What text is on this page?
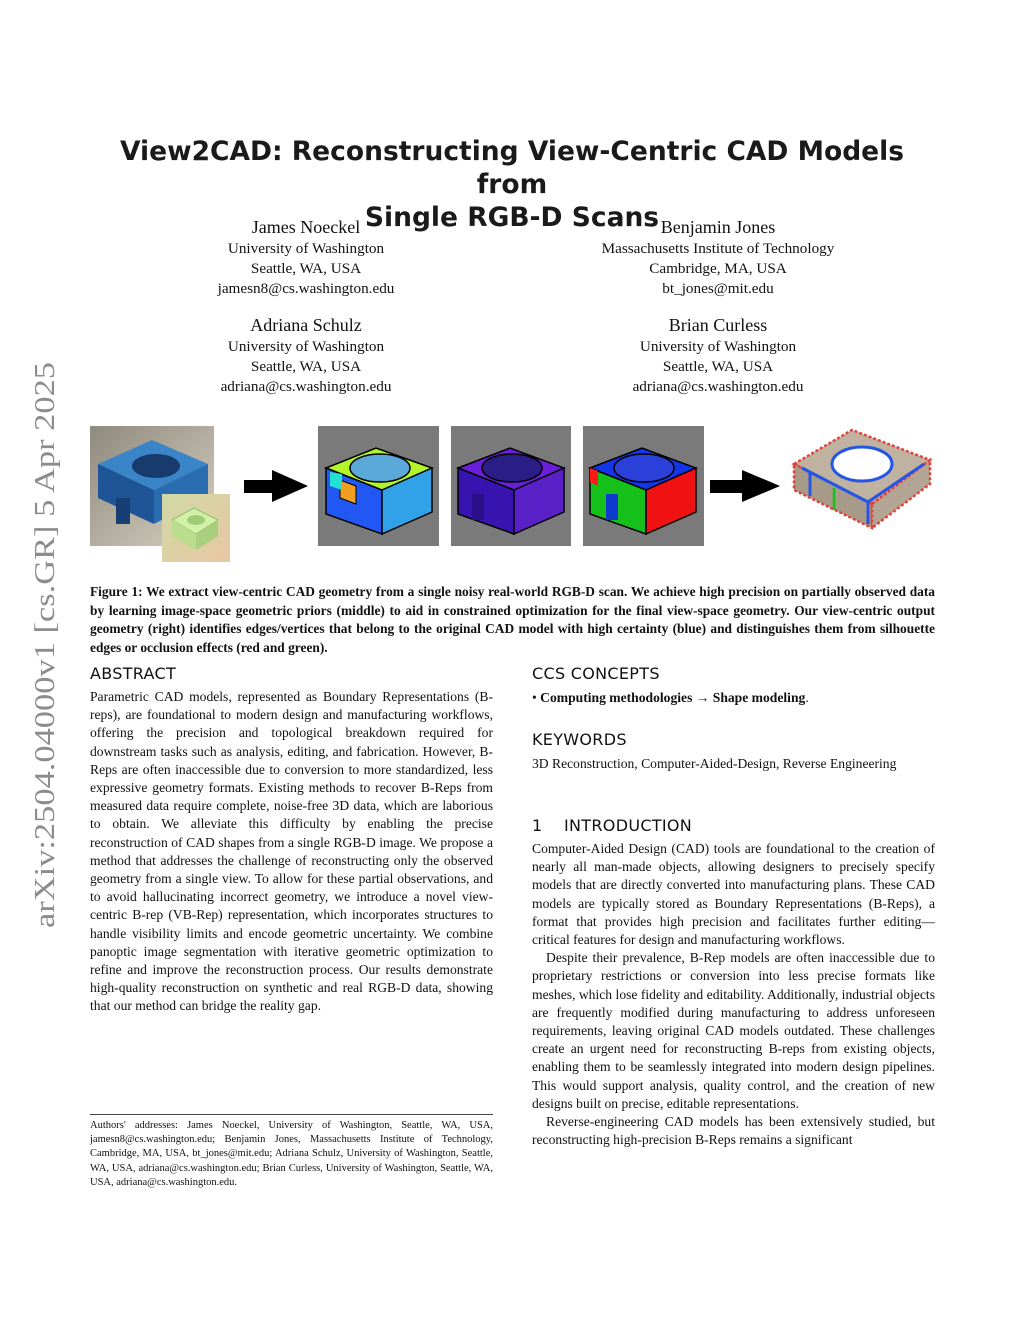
arXiv:2504.04000v1 [cs.GR] 5 Apr 2025
View2CAD: Reconstructing View-Centric CAD Models from
Single RGB-D Scans
James Noeckel
University of Washington
Seattle, WA, USA
jamesn8@cs.washington.edu
Benjamin Jones
Massachusetts Institute of Technology
Cambridge, MA, USA
bt_jones@mit.edu
Adriana Schulz
University of Washington
Seattle, WA, USA
adriana@cs.washington.edu
Brian Curless
University of Washington
Seattle, WA, USA
adriana@cs.washington.edu
Figure 1: We extract view-centric CAD geometry from a single noisy real-world RGB-D scan. We achieve high precision on partially observed data by learning image-space geometric priors (middle) to aid in constrained optimization for the final view-space geometry. Our view-centric output geometry (right) identifies edges/vertices that belong to the original CAD model with high certainty (blue) and distinguishes them from silhouette edges or occlusion effects (red and green).
ABSTRACT

Parametric CAD models, represented as Boundary Representations (B-reps), are foundational to modern design and manufacturing workflows, offering the precision and topological breakdown required for downstream tasks such as analysis, editing, and fabrication. However, B-Reps are often inaccessible due to conversion to more standardized, less expressive geometry formats. Existing methods to recover B-Reps from measured data require complete, noise-free 3D data, which are laborious to obtain. We alleviate this difficulty by enabling the precise reconstruction of CAD shapes from a single RGB-D image. We propose a method that addresses the challenge of reconstructing only the observed geometry from a single view. To allow for these partial observations, and to avoid hallucinating incorrect geometry, we introduce a novel view-centric B-rep (VB-Rep) representation, which incorporates structures to handle visibility limits and encode geometric uncertainty. We combine panoptic image segmentation with iterative geometric optimization to refine and improve the reconstruction process. Our results demonstrate high-quality reconstruction on synthetic and real RGB-D data, showing that our method can bridge the reality gap.

Authors' addresses: James Noeckel, University of Washington, Seattle, WA, USA, jamesn8@cs.washington.edu; Benjamin Jones, Massachusetts Institute of Technology, Cambridge, MA, USA, bt_jones@mit.edu; Adriana Schulz, University of Washington, Seattle, WA, USA, adriana@cs.washington.edu; Brian Curless, University of Washington, Seattle, WA, USA, adriana@cs.washington.edu.
CCS CONCEPTS
• Computing methodologies → Shape modeling.
KEYWORDS
3D Reconstruction, Computer-Aided-Design, Reverse Engineering
1    INTRODUCTION

Computer-Aided Design (CAD) tools are foundational to the creation of nearly all man-made objects, allowing designers to precisely specify models that are directly converted into manufacturing plans. These CAD models are typically stored as Boundary Representations (B-Reps), a format that provides high precision and facilitates further editing—critical features for design and manufacturing workflows.

Despite their prevalence, B-Rep models are often inaccessible due to proprietary restrictions or conversion into less precise formats like meshes, which lose fidelity and editability. Additionally, industrial objects are frequently modified during manufacturing to address unforeseen requirements, leaving original CAD models outdated. These challenges create an urgent need for reconstructing B-reps from existing objects, enabling them to be seamlessly integrated into modern design pipelines. This would support analysis, quality control, and the creation of new designs built on precise, editable representations.

Reverse-engineering CAD models has been extensively studied, but reconstructing high-precision B-Reps remains a significant
